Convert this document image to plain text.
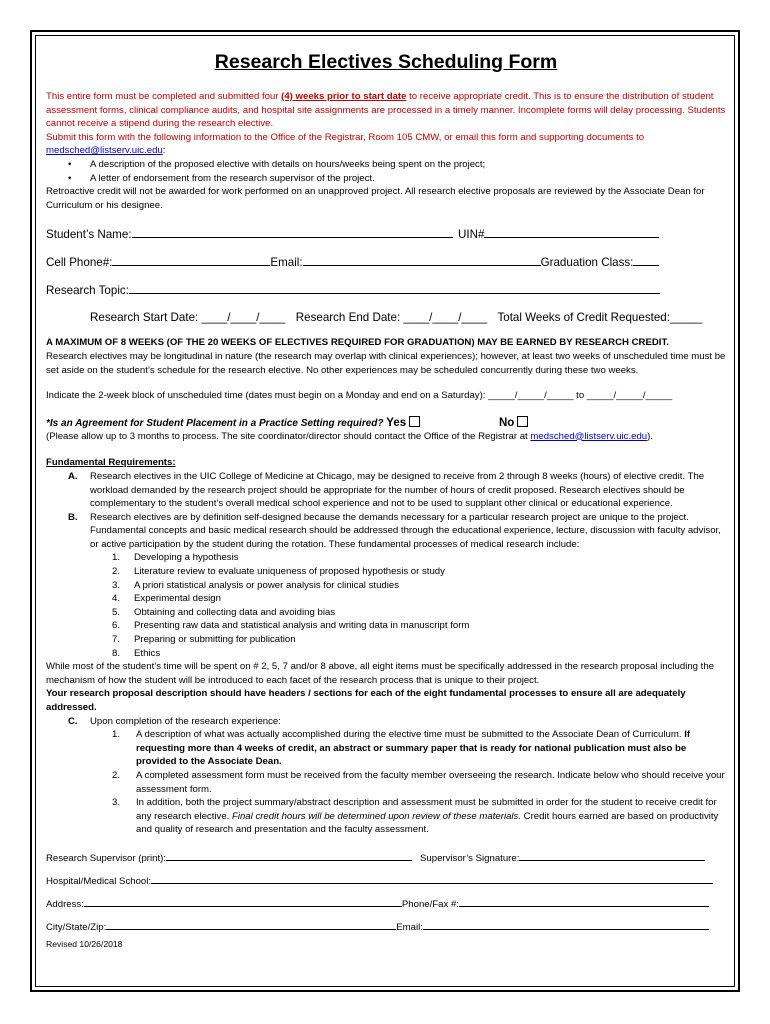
Research Electives Scheduling Form

This entire form must be completed and submitted four (4) weeks prior to start date to receive appropriate credit. This is to ensure the distribution of student assessment forms, clinical compliance audits, and hospital site assignments are processed in a timely manner. Incomplete forms will delay processing. Students cannot receive a stipend during the research elective.

Submit this form with the following information to the Office of the Registrar, Room 105 CMW, or email this form and supporting documents to

medsched@listserv.uic.edu:

• A description of the proposed elective with details on hours/weeks being spent on the project;
• A letter of endorsement from the research supervisor of the project.

Retroactive credit will not be awarded for work performed on an unapproved project. All research elective proposals are reviewed by the Associate Dean for Curriculum or his designee.

Student’s Name:	UIN#
Cell Phone#:	Email:	Graduation Class:
Research Topic:
Research Start Date: ____/____/____ Research End Date: ____/____/____ Total Weeks of Credit Requested:_____

A MAXIMUM OF 8 WEEKS (OF THE 20 WEEKS OF ELECTIVES REQUIRED FOR GRADUATION) MAY BE EARNED BY RESEARCH CREDIT.

Research electives may be longitudinal in nature (the research may overlap with clinical experiences); however, at least two weeks of unscheduled time must be set aside on the student’s schedule for the research elective. No other experiences may be scheduled concurrently during these two weeks.

Indicate the 2-week block of unscheduled time (dates must begin on a Monday and end on a Saturday): _____/_____/_____ to _____/_____/_____

*Is an Agreement for Student Placement in a Practice Setting required? Yes	No

(Please allow up to 3 months to process. The site coordinator/director should contact the Office of the Registrar at medsched@listserv.uic.edu).

Fundamental Requirements:

A. Research electives in the UIC College of Medicine at Chicago, may be designed to receive from 2 through 8 weeks (hours) of elective credit. The workload demanded by the research project should be appropriate for the number of hours of credit proposed. Research electives should be complementary to the student’s overall medical school experience and not to be used to supplant other clinical or educational experience.

B. Research electives are by definition self-designed because the demands necessary for a particular research project are unique to the project. Fundamental concepts and basic medical research should be addressed through the educational experience, lecture, discussion with faculty advisor, or active participation by the student during the rotation. These fundamental processes of medical research include:

1. Developing a hypothesis

2. Literature review to evaluate uniqueness of proposed hypothesis or study

3. A priori statistical analysis or power analysis for clinical studies

4. Experimental design

5. Obtaining and collecting data and avoiding bias

6. Presenting raw data and statistical analysis and writing data in manuscript form

7. Preparing or submitting for publication

8. Ethics

While most of the student’s time will be spent on # 2, 5, 7 and/or 8 above, all eight items must be specifically addressed in the research proposal including the mechanism of how the student will be introduced to each facet of the research process that is unique to their project.

Your research proposal description should have headers / sections for each of the eight fundamental processes to ensure all are adequately addressed.

C. Upon completion of the research experience:

1. A description of what was actually accomplished during the elective time must be submitted to the Associate Dean of Curriculum. If requesting more than 4 weeks of credit, an abstract or summary paper that is ready for national publication must also be provided to the Associate Dean.

2. A completed assessment form must be received from the faculty member overseeing the research. Indicate below who should receive your assessment form.

3. In addition, both the project summary/abstract description and assessment must be submitted in order for the student to receive credit for any research elective. Final credit hours will be determined upon review of these materials. Credit hours earned are based on productivity and quality of research and presentation and the faculty assessment.

Research Supervisor (print):	Supervisor’s Signature:
Hospital/Medical School:
Address:	Phone/Fax #:
City/State/Zip:	Email:

Revised 10/26/2018
